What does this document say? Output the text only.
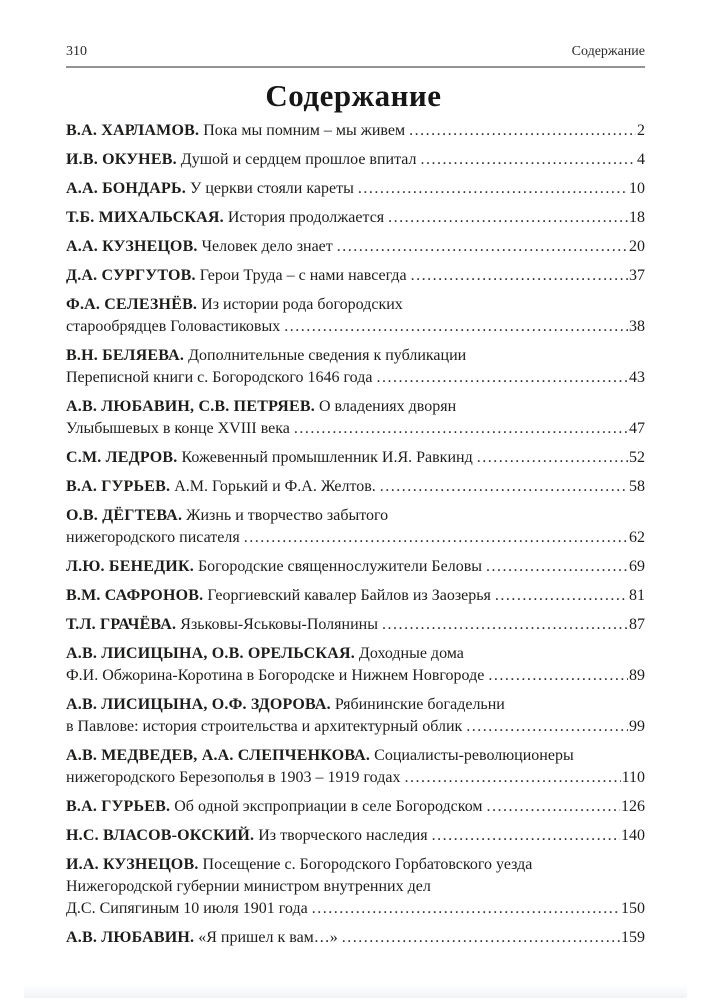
310	Содержание
Содержание
В.А. ХАРЛАМОВ. Пока мы помним – мы живем .....	2
И.В. ОКУНЕВ. Душой и сердцем прошлое впитал .....	4
А.А. БОНДАРЬ. У церкви стояли кареты .....	10
Т.Б. МИХАЛЬСКАЯ. История продолжается .....	18
А.А. КУЗНЕЦОВ. Человек дело знает .....	20
Д.А. СУРГУТОВ. Герои Труда – с нами навсегда .....	37
Ф.А. СЕЛЕЗНЁВ. Из истории рода богородских
старообрядцев Головастиковых .....	38
В.Н. БЕЛЯЕВА. Дополнительные сведения к публикации
Переписной книги с. Богородского 1646 года .....	43
А.В. ЛЮБАВИН, С.В. ПЕТРЯЕВ. О владениях дворян
Улыбышевых в конце XVIII века .....	47
С.М. ЛЕДРОВ. Кожевенный промышленник И.Я. Равкинд .....	52
В.А. ГУРЬЕВ. А.М. Горький и Ф.А. Желтов. .....	58
О.В. ДЁГТЕВА. Жизнь и творчество забытого
нижегородского писателя .....	62
Л.Ю. БЕНЕДИК. Богородские священнослужители Беловы .....	69
В.М. САФРОНОВ. Георгиевский кавалер Байлов из Заозерья .....	81
Т.Л. ГРАЧЁВА. Язьковы-Яськовы-Полянины .....	87
А.В. ЛИСИЦЫНА, О.В. ОРЕЛЬСКАЯ. Доходные дома
Ф.И. Обжорина-Коротина в Богородске и Нижнем Новгороде .....	89
А.В. ЛИСИЦЫНА, О.Ф. ЗДОРОВА. Рябининские богадельни
в Павлове: история строительства и архитектурный облик .....	99
А.В. МЕДВЕДЕВ, А.А. СЛЕПЧЕНКОВА. Социалисты-революционеры
нижегородского Березополья в 1903 – 1919 годах .....	110
В.А. ГУРЬЕВ. Об одной экспроприации в селе Богородском .....	126
Н.С. ВЛАСОВ-ОКСКИЙ. Из творческого наследия .....	140
И.А. КУЗНЕЦОВ. Посещение с. Богородского Горбатовского уезда
Нижегородской губернии министром внутренних дел
Д.С. Сипягиным 10 июля 1901 года .....	150
А.В. ЛЮБАВИН. «Я пришел к вам…» .....	159
